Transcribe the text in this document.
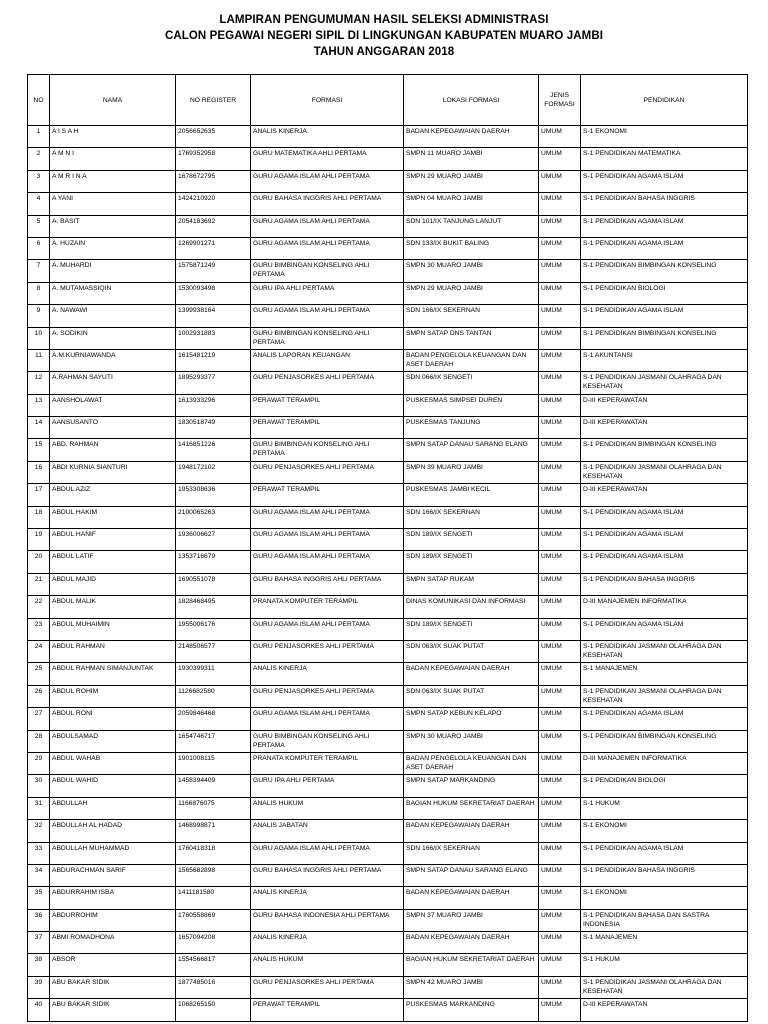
LAMPIRAN PENGUMUMAN HASIL SELEKSI ADMINISTRASI
CALON PEGAWAI NEGERI SIPIL DI LINGKUNGAN KABUPATEN MUARO JAMBI
TAHUN ANGGARAN 2018
NO	NAMA	NO REGISTER	FORMASI	LOKASI FORMASI	JENIS FORMASI	PENDIDIKAN
1	A I S A H	2056652635	ANALIS KINERJA	BADAN KEPEGAWAIAN DAERAH	UMUM	S-1 EKONOMI
2	A M N I	1769352958	GURU MATEMATIKA AHLI PERTAMA	SMPN 11 MUARO JAMBI	UMUM	S-1 PENDIDIKAN MATEMATIKA
3	A M R I N A	1678672795	GURU AGAMA ISLAM AHLI PERTAMA	SMPN 29 MUARO JAMBI	UMUM	S-1 PENDIDIKAN AGAMA ISLAM
4	A YANI	1424210920	GURU BAHASA INGGRIS AHLI PERTAMA	SMPN 04 MUARO JAMBI	UMUM	S-1 PENDIDIKAN BAHASA INGGRIS
5	A. BASIT	2054183692	GURU AGAMA ISLAM AHLI PERTAMA	SDN 101/IX TANJUNG LANJUT	UMUM	S-1 PENDIDIKAN AGAMA ISLAM
6	A. HUZAIN	1269901271	GURU AGAMA ISLAM AHLI PERTAMA	SDN 133/IX BUKIT BALING	UMUM	S-1 PENDIDIKAN AGAMA ISLAM
7	A. MUHARDI	1575871249	GURU BIMBINGAN KONSELING AHLI PERTAMA	SMPN 30 MUARO JAMBI	UMUM	S-1 PENDIDIKAN BIMBINGAN KONSELING
8	A. MUTAMASSIQIN	1530093498	GURU IPA AHLI PERTAMA	SMPN 29 MUARO JAMBI	UMUM	S-1 PENDIDIKAN BIOLOGI
9	A. NAWAWI	1399938164	GURU AGAMA ISLAM AHLI PERTAMA	SDN 166/IX SEKERNAN	UMUM	S-1 PENDIDIKAN AGAMA ISLAM
10	A. SODIKIN	1002931883	GURU BIMBINGAN KONSELING AHLI PERTAMA	SMPN SATAP DNS TANTAN	UMUM	S-1 PENDIDIKAN BIMBINGAN KONSELING
11	A.M.KURNIAWANDA	1615481219	ANALIS LAPORAN KEUANGAN	BADAN PENGELOLA KEUANGAN DAN ASET DAERAH	UMUM	S-1 AKUNTANSI
12	A.RAHMAN SAYUTI	1895293377	GURU PENJASORKES AHLI PERTAMA	SDN 066/IX SENGETI	UMUM	S-1 PENDIDIKAN JASMANI OLAHRAGA DAN KESEHATAN
13	AANSHOLAWAT	1613933296	PERAWAT TERAMPIL	PUSKESMAS SIMPSEI DUREN	UMUM	D-III KEPERAWATAN
14	AANSUSANTO	1830518749	PERAWAT TERAMPIL	PUSKESMAS TANJUNG	UMUM	D-III KEPERAWATAN
15	ABD. RAHMAN	1416851226	GURU BIMBINGAN KONSELING AHLI PERTAMA	SMPN SATAP DANAU SARANG ELANG	UMUM	S-1 PENDIDIKAN BIMBINGAN KONSELING
16	ABDI KURNIA SIANTURI	1948172102	GURU PENJASORKES AHLI PERTAMA	SMPN 39 MUARO JAMBI	UMUM	S-1 PENDIDIKAN JASMANI OLAHRAGA DAN KESEHATAN
17	ABDUL AZIZ	1953308636	PERAWAT TERAMPIL	PUSKESMAS JAMBI KECIL	UMUM	D-III KEPERAWATAN
18	ABDUL HAKIM	2100065263	GURU AGAMA ISLAM AHLI PERTAMA	SDN 166/IX SEKERNAN	UMUM	S-1 PENDIDIKAN AGAMA ISLAM
19	ABDUL HANIF	1936006627	GURU AGAMA ISLAM AHLI PERTAMA	SDN 189/IX SENGETI	UMUM	S-1 PENDIDIKAN AGAMA ISLAM
20	ABDUL LATIF	1353716679	GURU AGAMA ISLAM AHLI PERTAMA	SDN 189/IX SENGETI	UMUM	S-1 PENDIDIKAN AGAMA ISLAM
21	ABDUL MAJID	1690551078	GURU BAHASA INGGRIS AHLI PERTAMA	SMPN SATAP RUKAM	UMUM	S-1 PENDIDIKAN BAHASA INGGRIS
22	ABDUL MALIK	1828468495	PRANATA KOMPUTER TERAMPIL	DINAS KOMUNIKASI DAN INFORMASI	UMUM	D-III MANAJEMEN INFORMATIKA
23	ABDUL MUHAIMIN	1955006176	GURU AGAMA ISLAM AHLI PERTAMA	SDN 189/IX SENGETI	UMUM	S-1 PENDIDIKAN AGAMA ISLAM
24	ABDUL RAHMAN	2148506577	GURU PENJASORKES AHLI PERTAMA	SDN 063/IX SUAK PUTAT	UMUM	S-1 PENDIDIKAN JASMANI OLAHRAGA DAN KESEHATAN
25	ABDUL RAHMAN SIMANJUNTAK	1930399311	ANALIS KINERJA	BADAN KEPEGAWAIAN DAERAH	UMUM	S-1 MANAJEMEN
26	ABDUL ROHIM	1126682580	GURU PENJASORKES AHLI PERTAMA	SDN 063/IX SUAK PUTAT	UMUM	S-1 PENDIDIKAN JASMANI OLAHRAGA DAN KESEHATAN
27	ABDUL RONI	2059846468	GURU AGAMA ISLAM AHLI PERTAMA	SMPN SATAP KEBUN KELAPO	UMUM	S-1 PENDIDIKAN AGAMA ISLAM
28	ABDULSAMAD	1654746717	GURU BIMBINGAN KONSELING AHLI PERTAMA	SMPN 30 MUARO JAMBI	UMUM	S-1 PENDIDIKAN BIMBINGAN KONSELING
29	ABDUL WAHAB	1901008115	PRANATA KOMPUTER TERAMPIL	BADAN PENGELOLA KEUANGAN DAN ASET DAERAH	UMUM	D-III MANAJEMEN INFORMATIKA
30	ABDUL WAHID	1458394409	GURU IPA AHLI PERTAMA	SMPN SATAP MARKANDING	UMUM	S-1 PENDIDIKAN BIOLOGI
31	ABDULLAH	1166876075	ANALIS HUKUM	BAGIAN HUKUM SEKRETARIAT DAERAH	UMUM	S-1 HUKUM
32	ABDULLAH AL HADAD	1468998871	ANALIS JABATAN	BADAN KEPEGAWAIAN DAERAH	UMUM	S-1 EKONOMI
33	ABDULLAH MUHAMMAD	1760418318	GURU AGAMA ISLAM AHLI PERTAMA	SDN 166/IX SEKERNAN	UMUM	S-1 PENDIDIKAN AGAMA ISLAM
34	ABDURACHMAN SARIF	1565682898	GURU BAHASA INGGRIS AHLI PERTAMA	SMPN SATAP DANAU SARANG ELANG	UMUM	S-1 PENDIDIKAN BAHASA INGGRIS
35	ABDURRAHIM ISBA	1411181580	ANALIS KINERJA	BADAN KEPEGAWAIAN DAERAH	UMUM	S-1 EKONOMI
36	ABDURROHIM	1760558869	GURU BAHASA INDONESIA AHLI PERTAMA	SMPN 37 MUARO JAMBI	UMUM	S-1 PENDIDIKAN BAHASA DAN SASTRA INDONESIA
37	ABMI ROMADHONA	1657094208	ANALIS KINERJA	BADAN KEPEGAWAIAN DAERAH	UMUM	S-1 MANAJEMEN
38	ABSOR	1554566817	ANALIS HUKUM	BAGIAN HUKUM SEKRETARIAT DAERAH	UMUM	S-1 HUKUM
39	ABU BAKAR SIDIK	1877485016	GURU PENJASORKES AHLI PERTAMA	SMPN 42 MUARO JAMBI	UMUM	S-1 PENDIDIKAN JASMANI OLAHRAGA DAN KESEHATAN
40	ABU BAKAR SIDIK	1068265150	PERAWAT TERAMPIL	PUSKESMAS MARKANDING	UMUM	D-III KEPERAWATAN
